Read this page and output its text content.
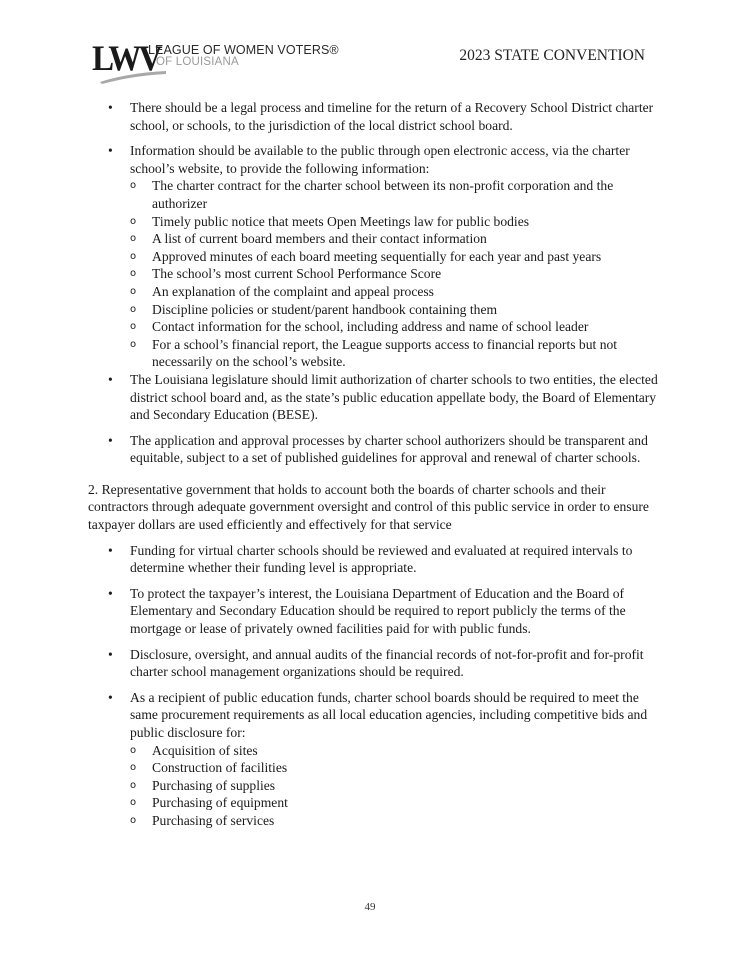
LWV
LEAGUE OF WOMEN VOTERS®
OF LOUISIANA	2023 STATE CONVENTION

• There should be a legal process and timeline for the return of a Recovery School District charter school, or schools, to the jurisdiction of the local district school board.

• Information should be available to the public through open electronic access, via the charter school’s website, to provide the following information:

o The charter contract for the charter school between its non-profit corporation and the authorizer

o Timely public notice that meets Open Meetings law for public bodies

o A list of current board members and their contact information

o Approved minutes of each board meeting sequentially for each year and past years

o The school’s most current School Performance Score

o An explanation of the complaint and appeal process

o Discipline policies or student/parent handbook containing them

o Contact information for the school, including address and name of school leader

o For a school’s financial report, the League supports access to financial reports but not necessarily on the school’s website.

• The Louisiana legislature should limit authorization of charter schools to two entities, the elected district school board and, as the state’s public education appellate body, the Board of Elementary and Secondary Education (BESE).

• The application and approval processes by charter school authorizers should be transparent and equitable, subject to a set of published guidelines for approval and renewal of charter schools.

2. Representative government that holds to account both the boards of charter schools and their contractors through adequate government oversight and control of this public service in order to ensure taxpayer dollars are used efficiently and effectively for that service

• Funding for virtual charter schools should be reviewed and evaluated at required intervals to determine whether their funding level is appropriate.

• To protect the taxpayer’s interest, the Louisiana Department of Education and the Board of Elementary and Secondary Education should be required to report publicly the terms of the mortgage or lease of privately owned facilities paid for with public funds.

• Disclosure, oversight, and annual audits of the financial records of not-for-profit and for-profit charter school management organizations should be required.

• As a recipient of public education funds, charter school boards should be required to meet the same procurement requirements as all local education agencies, including competitive bids and public disclosure for:

o Acquisition of sites

o Construction of facilities

o Purchasing of supplies

o Purchasing of equipment

o Purchasing of services

49
